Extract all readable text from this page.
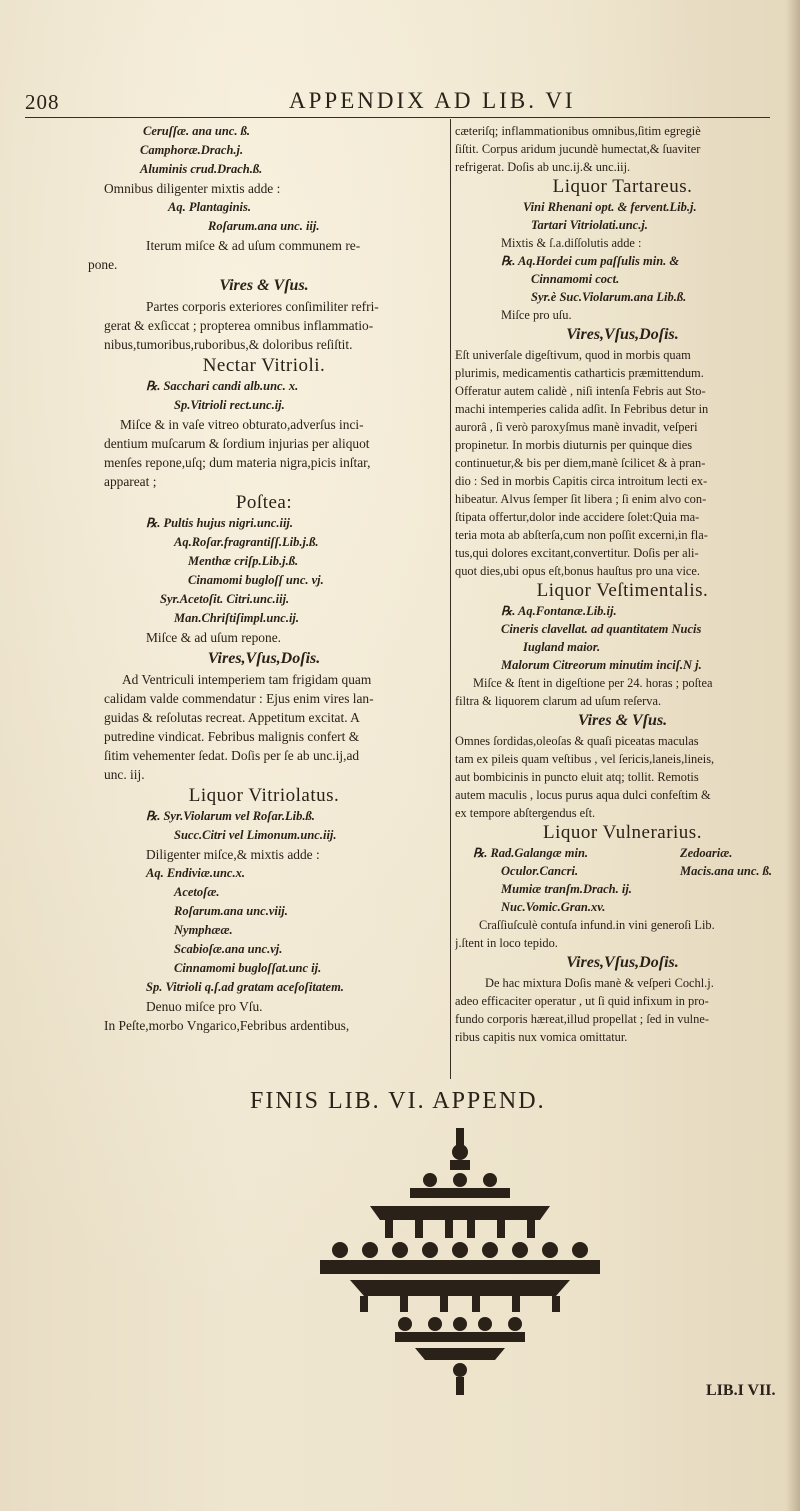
208	APPENDIX AD LIB. VI
Ceruſſæ. ana unc. ß.
Camphoræ.Drach.j.
Aluminis crud.Drach.ß.
Omnibus diligenter mixtis adde :
Aq. Plantaginis.
Roſarum.ana unc. iij.
Iterum miſce & ad uſum communem re-
pone.
Vires & Vſus.
Partes corporis exteriores conſimiliter refri-
gerat & exſiccat ; propterea omnibus inflammatio-
nibus,tumoribus,ruboribus,& doloribus reſiſtit.
Nectar Vitrioli.
℞. Sacchari candi alb.unc. x.
Sp.Vitrioli rect.unc.ij.
Miſce & in vaſe vitreo obturato,adverſus inci-
dentium muſcarum & ſordium injurias per aliquot
menſes repone,uſq; dum materia nigra,picis inſtar,
appareat ;
Poſtea:
℞. Pultis hujus nigri.unc.iij.
Aq.Roſar.fragrantiſſ.Lib.j.ß.
Menthæ criſp.Lib.j.ß.
Cinamomi bugloſſ unc. vj.
Syr.Acetoſit. Citri.unc.iij.
Man.Chriſtiſimpl.unc.ij.
Miſce & ad uſum repone.
Vires,Vſus,Doſis.
Ad Ventriculi intemperiem tam frigidam quam
calidam valde commendatur : Ejus enim vires lan-
guidas & reſolutas recreat. Appetitum excitat. A
putredine vindicat. Febribus malignis confert &
ſitim vehementer ſedat. Doſis per ſe ab unc.ij,ad
unc. iij.
Liquor Vitriolatus.
℞. Syr.Violarum vel Roſar.Lib.ß.
Succ.Citri vel Limonum.unc.iij.
Diligenter miſce,& mixtis adde :
Aq. Endiviæ.unc.x.
Acetoſæ.
Roſarum.ana unc.viij.
Nymphææ.
Scabioſæ.ana unc.vj.
Cinnamomi bugloſſat.unc ij.
Sp. Vitrioli q.ſ.ad gratam aceſoſitatem.
Denuo miſce pro Vſu.
In Peſte,morbo Vngarico,Febribus ardentibus,
cæteriſq; inflammationibus omnibus,ſitim egregiè
ſiſtit. Corpus aridum jucundè humectat,& ſuaviter
refrigerat. Doſis ab unc.ij.& unc.iij.
Liquor Tartareus.
Vini Rhenani opt. & fervent.Lib.j.
Tartari Vitriolati.unc.j.
Mixtis & ſ.a.diſſolutis adde :
℞. Aq.Hordei cum paſſulis min. &
Cinnamomi coct.
Syr.è Suc.Violarum.ana Lib.ß.
Miſce pro uſu.
Vires,Vſus,Doſis.
Eſt univerſale digeſtivum, quod in morbis quam
plurimis, medicamentis catharticis præmittendum.
Offeratur autem calidè , niſi intenſa Febris aut Sto-
machi intemperies calida adſit. In Febribus detur in
aurorâ , ſi verò paroxyſmus manè invadit, veſperi
propinetur. In morbis diuturnis per quinque dies
continuetur,& bis per diem,manè ſcilicet & à pran-
dio : Sed in morbis Capitis circa introitum lecti ex-
hibeatur. Alvus ſemper ſit libera ; ſi enim alvo con-
ſtipata offertur,dolor inde accidere ſolet:Quia ma-
teria mota ab abſterſa,cum non poſſit excerni,in fla-
tus,qui dolores excitant,convertitur. Doſis per ali-
quot dies,ubi opus eſt,bonus hauſtus pro una vice.
Liquor Veſtimentalis.
℞. Aq.Fontanæ.Lib.ij.
Cineris clavellat. ad quantitatem Nucis
Iugland maior.
Malorum Citreorum minutim inciſ.N j.
Miſce & ſtent in digeſtione per 24. horas ; poſtea
filtra & liquorem clarum ad uſum reſerva.
Vires & Vſus.
Omnes ſordidas,oleoſas & quaſi piceatas maculas
tam ex pileis quam veſtibus , vel ſericis,laneis,lineis,
aut bombicinis in puncto eluit atq; tollit. Remotis
autem maculis , locus purus aqua dulci confeſtim &
ex tempore abſtergendus eſt.
Liquor Vulnerarius.
℞. Rad.Galangæ min.	Zedoariæ.
Oculor.Cancri.	Macis.ana unc. ß.
Mumiæ tranſm.Drach. ij.
Nuc.Vomic.Gran.xv.
Craſſiuſculè contuſa infund.in vini generoſi Lib.
j.ſtent in loco tepido.
Vires,Vſus,Doſis.
De hac mixtura Doſis manè & veſperi Cochl.j.
adeo efficaciter operatur , ut ſi quid infixum in pro-
fundo corporis hæreat,illud propellat ; ſed in vulne-
ribus capitis nux vomica omittatur.
FINIS LIB. VI. APPEND.
LIB.I VII.
